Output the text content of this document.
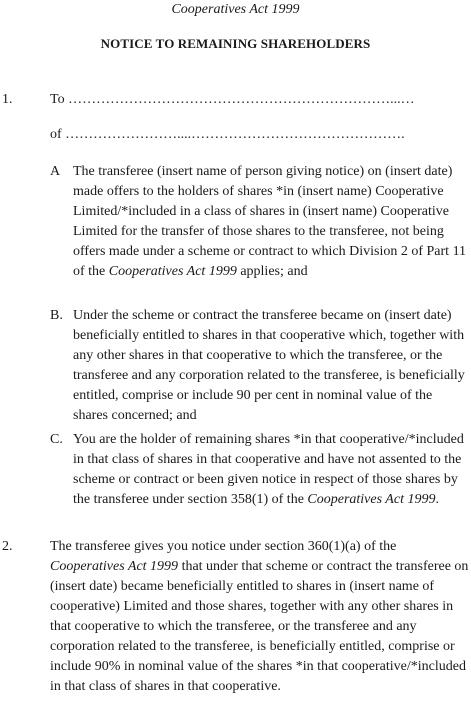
Cooperatives Act 1999
NOTICE TO REMAINING SHAREHOLDERS
1.	To ……………………………………………………………...…
of ……………………....……………………………………….
A The transferee (insert name of person giving notice) on (insert date) made offers to the holders of shares *in (insert name) Cooperative Limited/*included in a class of shares in (insert name) Cooperative Limited for the transfer of those shares to the transferee, not being offers made under a scheme or contract to which Division 2 of Part 11 of the Cooperatives Act 1999 applies; and
B. Under the scheme or contract the transferee became on (insert date) beneficially entitled to shares in that cooperative which, together with any other shares in that cooperative to which the transferee, or the transferee and any corporation related to the transferee, is beneficially entitled, comprise or include 90 per cent in nominal value of the shares concerned; and
C. You are the holder of remaining shares *in that cooperative/*included in that class of shares in that cooperative and have not assented to the scheme or contract or been given notice in respect of those shares by the transferee under section 358(1) of the Cooperatives Act 1999.
2.	The transferee gives you notice under section 360(1)(a) of the Cooperatives Act 1999 that under that scheme or contract the transferee on (insert date) became beneficially entitled to shares in (insert name of cooperative) Limited and those shares, together with any other shares in that cooperative to which the transferee, or the transferee and any corporation related to the transferee, is beneficially entitled, comprise or include 90% in nominal value of the shares *in that cooperative/*included in that class of shares in that cooperative.
